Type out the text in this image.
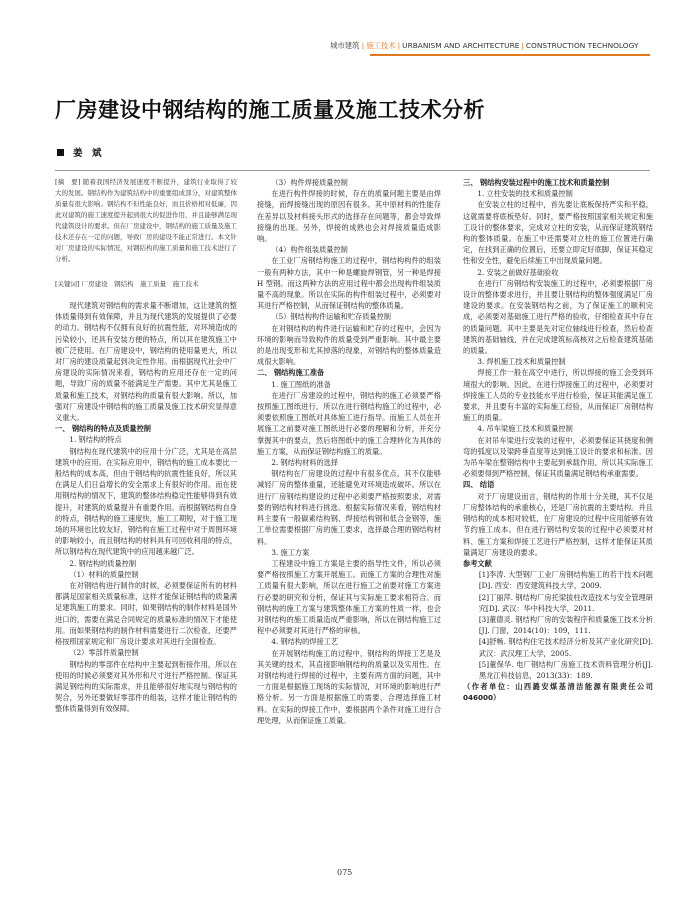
城市建筑 | 施工技术 | URBANISM AND ARCHITECTURE | CONSTRUCTION TECHNOLOGY
厂房建设中钢结构的施工质量及施工技术分析
姜　斌

[摘　要] 随着我国经济发展速度不断提升，建筑行业取得了较大的发展。钢结构作为建筑结构中的重要组成部分，对建筑整体质量有很大影响。钢结构不但性能良好，而且价格相对低廉，因此对建筑的施工速度提升起到很大的促进作用，并且能够满足现代建筑设计的要求。但在厂房建设中，钢结构的施工质量及施工技术还存在一定的问题，导致厂房的建设不能正常进行。本文针对厂房建设的实际情况，对钢结构的施工质量和施工技术进行了分析。

[关键词] 厂房建设　钢结构　施工质量　施工技术

现代建筑对钢结构的需求量不断增加，这让建筑的整体质量得到有效保障，并且为现代建筑的发展提供了必要的动力。钢结构不仅拥有良好的抗震性能，对环境造成的污染较小，还具有安装方便的特点，所以其在建筑施工中被广泛使用。在厂房建设中，钢结构的使用量更大，所以对厂房的建设质量起到决定性作用。而根据现代社会中厂房建设的实际情况来看，钢结构的应用还存在一定的问题，导致厂房的质量不能满足生产需要。其中尤其是施工质量和施工技术，对钢结构的质量有很大影响。所以，加强对厂房建设中钢结构的施工质量及施工技术研究显得意义重大。

一、 钢结构的特点及质量控制
1. 钢结构的特点

钢结构在现代建筑中的应用十分广泛，尤其是在高层建筑中的应用。在实际应用中，钢结构的施工成本要比一般结构的成本高，但由于钢结构的抗震性能良好，所以其在满足人们日益增长的安全需求上有很好的作用。而在使用钢结构的情况下，建筑的整体结构稳定性能够得到有效提升，对建筑的质量提升有重要作用。而根据钢结构自身的特点，钢结构的施工速度快，施工工期短，对于施工现场的环境也比较友好，钢结构在施工过程中对于周围环境的影响较小，而且钢结构的材料具有可回收利用的特点，所以钢结构在现代建筑中的应用越来越广泛。

2. 钢结构的质量控制
（1）材料的质量控制

在对钢结构进行制作的时候，必须要保证所有的材料都满足国家相关质量标准，这样才能保证钢结构的质量满足建筑施工的要求。同时，如果钢结构的制作材料是国外进口的，需要在满足合同规定的质量标准的情况下才能使用。而如果钢结构的制作材料需要进行二次检查，还要严格按照国家规定和厂房设计要求对其进行全面检查。

（2）零部件质量控制

钢结构的零部件在结构中主要起到衔接作用，所以在使用的时候必须要对其外形和尺寸进行严格控制。保证其满足钢结构的实际需求，并且能够很好地实现与钢结构的契合，另外还要做好零部件的组装，这样才能让钢结构的整体质量得到有效保障。

（3）构件焊接质量控制

在进行构件焊接的时候，存在的质量问题主要是由焊接缝，而焊接缝出现的原因有很多。其中原材料的性能存在差异以及材料接头形式的选择存在问题等，都会导致焊接缝的出现。另外，焊接的成熟也会对焊接质量造成影响。

（4）构件组装质量控制

在工业厂房钢结构施工的过程中，钢结构构件的组装一般有两种方法，其中一种是螺旋焊钢管，另一种是焊接 H 型钢。而这两种方法的应用过程中都会出现构件组装质量不高的现象。所以在实际的构件组装过程中，必须要对其进行严格控制，从而保证钢结构的整体质量。

（5）钢结构构件运输和贮存质量控制

在对钢结构的构件进行运输和贮存的过程中，会因为环境的影响而导致构件的质量受到严重影响。其中最主要的是出现变形和尤其掉落的现象，对钢结构的整体质量造成很大影响。

二、 钢结构施工准备
1. 施工图纸的准备

在进行厂房建设的过程中，钢结构的施工必须要严格按照施工图纸进行，所以在进行钢结构施工的过程中，必须要依照施工图纸对具体施工进行指导。而施工人员在开展施工之前要对施工图纸进行必要的理解和分析，并充分掌握其中的要点，然后将图纸中的施工合理转化为具体的施工方案，从而保证钢结构施工的质量。

2. 钢结构材料的选择

钢结构在厂房建设的过程中有很多优点，其不仅能够减轻厂房的整体重量，还能避免对环境造成破坏。所以在进行厂房钢结构建设的过程中必须要严格按照要求，对需要的钢结构材料进行挑选。根据实际情况来看，钢结构材料主要有一般碳素结构钢、焊接结构钢和低合金钢等，施工单位需要根据厂房的施工要求，选择最合理的钢结构材料。

3. 施工方案

工程建设中施工方案是主要的指导性文件，所以必须要严格按照施工方案开展施工。而施工方案的合理性对施工质量有很大影响，所以在进行施工之前要对施工方案进行必要的研究和分析，保证其与实际施工要求相符合。而钢结构的施工方案与建筑整体施工方案的性质一样，也会对钢结构的施工质量造成严重影响，所以在钢结构施工过程中必须要对其进行严格的审核。

4. 钢结构的焊接工艺

在开展钢结构施工的过程中，钢结构的焊接工艺是及其关键的技术，其直接影响钢结构的质量以及实用性。在对钢结构进行焊接的过程中，主要有两方面的问题，其中一方面是根据施工现场的实际情况，对环境的影响进行严格分析。另一方面是根据施工的需要，合理选择施工材料。在实际的焊接工作中，要根据两个条件对施工进行合理处理，从而保证施工质量。

三、 钢结构安装过程中的施工技术和质量控制
1. 立柱安装的技术和质量控制

在安装立柱的过程中，首先要让底板保持严实和平稳，这就需要将底板垫好。同时，要严格按照国家相关规定和施工设计的整体要求，完成对立柱的安装，从而保证建筑钢结构的整体质量。在施工中还需要对立柱的施工位置进行确定，在找到正确的位置后，还要立即定好底脚，保证其稳定性和安全性，避免后续施工中出现质量问题。

2. 安装之前做好基础验收

在进行厂房钢结构安装施工的过程中，必须要根据厂房设计的整体要求进行，并且要让钢结构的整体强度满足厂房建设的要求。在安装钢结构之前，为了保证施工的顺利完成，必须要对基础施工进行严格的验收，仔细检查其中存在的质量问题。其中主要是先对定位轴线进行检查，然后检查建筑的基础轴线，并在完成建筑标高核对之后检查建筑基础的质量。

3. 焊机施工技术和质量控制

焊接工作一般在高空中进行，所以焊接的施工会受到环境很大的影响。因此，在进行焊接施工的过程中，必须要对焊接施工人员的专业技能水平进行检验，保证其能满足施工要求，并且要有丰富的实际施工经验，从而保证厂房钢结构施工的质量。

4. 吊车梁施工技术和质量控制

在对吊车梁进行安装的过程中，必须要保证其挠度和侧弯的弧度以及梁跨垂直度等达到施工设计的要求和标准。因为吊车梁在整钢结构中主要起到承载作用，所以其实际施工必须要得到严格控制，保证其质量满足钢结构承重需要。

四、 结语

对于厂房建设而言，钢结构的作用十分关键，其不仅是厂房整体结构的承重核心，还是厂房抗震的主要结构。并且钢结构的成本相对较低，在厂房建设的过程中应用能够有效节约施工成本。但在进行钢结构安装的过程中必须要对材料、施工方案和焊接工艺进行严格控制，这样才能保证其质量满足厂房建设的要求。

参考文献

[1]李涛. 大型钢厂工业厂房钢结构施工的若干技术问题[D]. 西安：西安建筑科技大学，2009.

[2]丁丽萍. 钢结构厂房托梁拔柱改造技术与安全管理研究[D]. 武汉：华中科技大学，2011.

[3]董德灵. 钢结构厂房的安装程序和质量施工技术分析[J]. 门窗，2014(10)：109，111.

[4]舒畅. 钢结构住宅技术经济分析及其产业化研究[D]. 武汉：武汉理工大学，2005.

[5]董保华. 电厂钢结构厂房施工技术资料管理分析[J]. 黑龙江科技信息，2013(33)：189.

（作者单位：山西潞安煤基清洁能源有限责任公司 046000）

075
